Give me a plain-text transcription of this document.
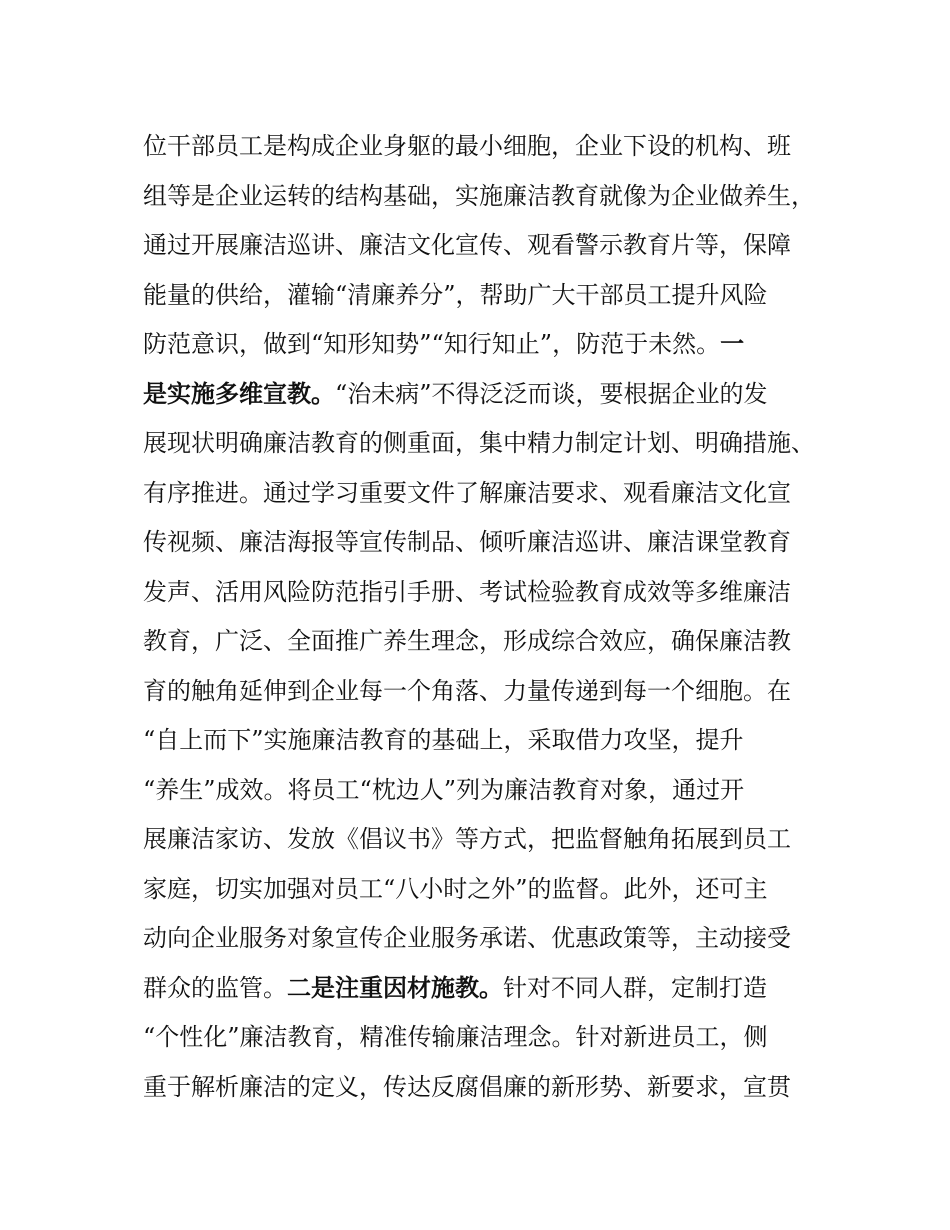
位干部员工是构成企业身躯的最小细胞，企业下设的机构、班
组等是企业运转的结构基础，实施廉洁教育就像为企业做养生，
通过开展廉洁巡讲、廉洁文化宣传、观看警示教育片等，保障
能量的供给，灌输“清廉养分”，帮助广大干部员工提升风险
防范意识，做到“知形知势”“知行知止”，防范于未然。一
是实施多维宣教。“治未病”不得泛泛而谈，要根据企业的发
展现状明确廉洁教育的侧重面，集中精力制定计划、明确措施、
有序推进。通过学习重要文件了解廉洁要求、观看廉洁文化宣
传视频、廉洁海报等宣传制品、倾听廉洁巡讲、廉洁课堂教育
发声、活用风险防范指引手册、考试检验教育成效等多维廉洁
教育，广泛、全面推广养生理念，形成综合效应，确保廉洁教
育的触角延伸到企业每一个角落、力量传递到每一个细胞。在
“自上而下”实施廉洁教育的基础上，采取借力攻坚，提升
“养生”成效。将员工“枕边人”列为廉洁教育对象，通过开
展廉洁家访、发放《倡议书》等方式，把监督触角拓展到员工
家庭，切实加强对员工“八小时之外”的监督。此外，还可主
动向企业服务对象宣传企业服务承诺、优惠政策等，主动接受
群众的监管。二是注重因材施教。针对不同人群，定制打造
“个性化”廉洁教育，精准传输廉洁理念。针对新进员工，侧
重于解析廉洁的定义，传达反腐倡廉的新形势、新要求，宣贯
